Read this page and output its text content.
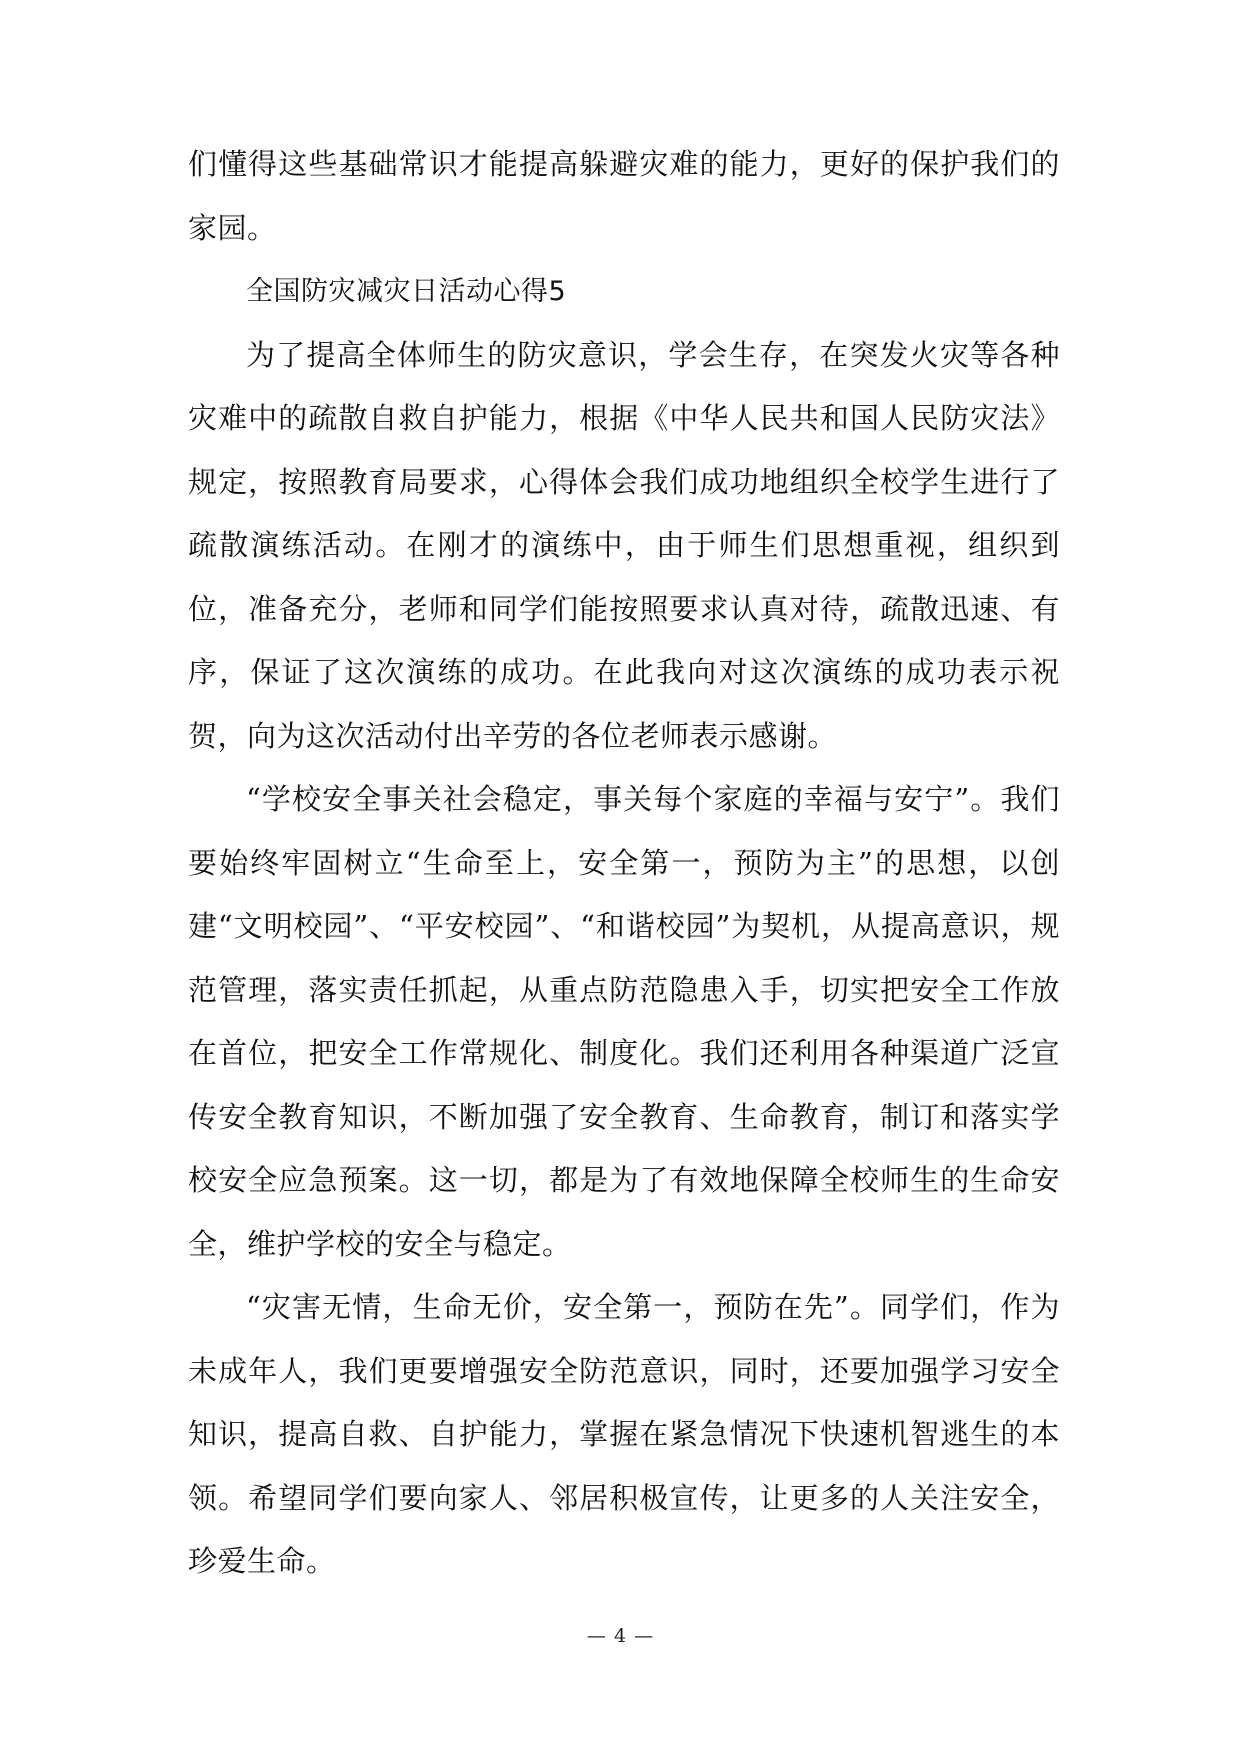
们懂得这些基础常识才能提高躲避灾难的能力，更好的保护我们的家园。

全国防灾减灾日活动心得5

为了提高全体师生的防灾意识，学会生存，在突发火灾等各种灾难中的疏散自救自护能力，根据《中华人民共和国人民防灾法》规定，按照教育局要求，心得体会我们成功地组织全校学生进行了疏散演练活动。在刚才的演练中，由于师生们思想重视，组织到位，准备充分，老师和同学们能按照要求认真对待，疏散迅速、有序，保证了这次演练的成功。在此我向对这次演练的成功表示祝贺，向为这次活动付出辛劳的各位老师表示感谢。

“学校安全事关社会稳定，事关每个家庭的幸福与安宁”。我们要始终牢固树立“生命至上，安全第一，预防为主”的思想，以创建“文明校园”、“平安校园”、“和谐校园”为契机，从提高意识，规范管理，落实责任抓起，从重点防范隐患入手，切实把安全工作放在首位，把安全工作常规化、制度化。我们还利用各种渠道广泛宣传安全教育知识，不断加强了安全教育、生命教育，制订和落实学校安全应急预案。这一切，都是为了有效地保障全校师生的生命安全，维护学校的安全与稳定。

“灾害无情，生命无价，安全第一，预防在先”。同学们，作为未成年人，我们更要增强安全防范意识，同时，还要加强学习安全知识，提高自救、自护能力，掌握在紧急情况下快速机智逃生的本领。希望同学们要向家人、邻居积极宣传，让更多的人关注安全，珍爱生命。

— 4 —
